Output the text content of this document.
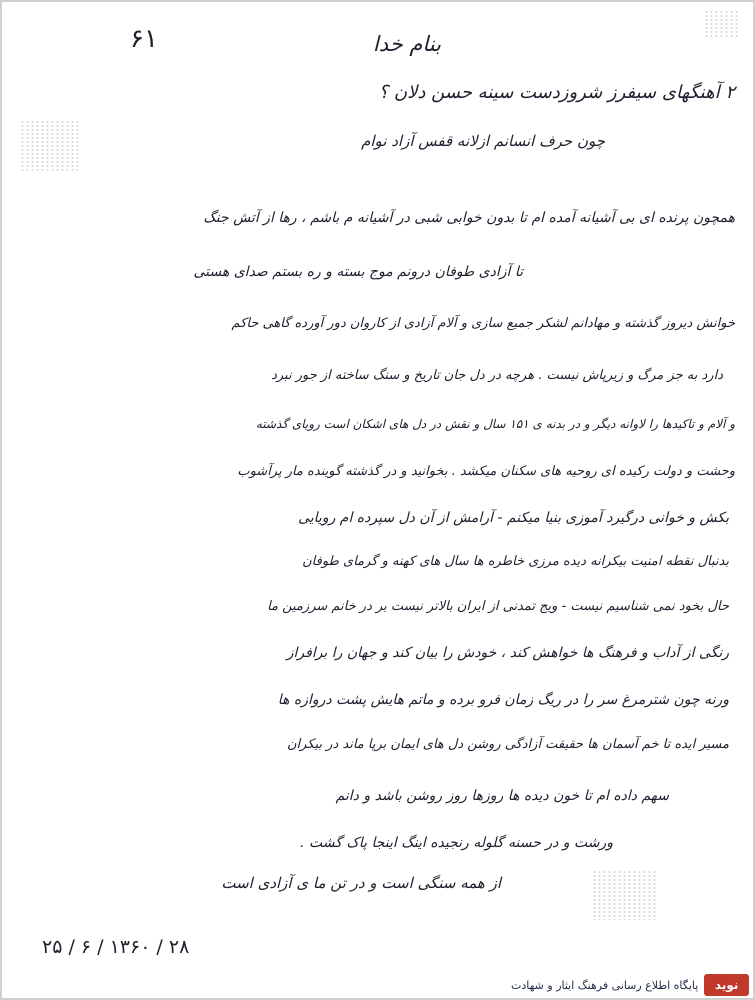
۶۱	بنام خدا

۲ آهنگهای سیفرز شروزدست سینه حسن دلان ؟

چون حرف انسانم ازلانه قفس آزاد نوام

همچون پرنده ای بی آشیانه آمده ام تا بدون خوابی شبی در آشیانه م باشم ، رها از آتش جنگ

تا آزادی طوفان درونم موج بسته و ره بستم صدای هستی

خوانش دیروز گذشته و مهادانم لشکر جمیع سازی و آلام آزادی از کاروان دور آورده گاهی حاکم

دارد به جز مرگ و زیرپاش نیست . هرچه در دل جان تاریخ و سنگ ساخته از جور نبرد

و آلام و تاکیدها را لاوانه دیگر و در بدنه ی ۱۵۱ سال و نقش در دل های اشکان است رویای گذشته

وحشت و دولت رکیده ای روحیه های سکنان میکشد . بخوانید و در گذشته گوینده مار پرآشوب

بکش و خوانی درگیرد آموزی بنیا میکنم - آرامش از آن دل سپرده ام رویایی

بدنبال نقطه امنیت بیکرانه دیده مرزی خاطره ها سال های کهنه و گرمای طوفان

حال بخود نمی شناسیم نیست - ویج تمدنی از ایران بالاتر نیست بر در خانم سرزمین ما

رنگی از آداب و فرهنگ ها خواهش کند ، خودش را بیان کند و جهان را برافراز

ورنه چون شترمرغ سر را در ریگ زمان فرو برده و ماتم هایش پشت دروازه ها

مسیر ایده تا خم آسمان ها حقیقت آزادگی روشن دل های ایمان برپا ماند در بیکران

سهم داده ام تا خون دیده ها روزها روز روشن باشد و دانم

ورشت و در حسنه گلوله رنجیده اینگ اینجا پاک گشت .

از همه سنگی است و در تن ما ی آزادی است

۲۵ / ۶ / ۱۳۶۰ / ۲۸

پایگاه اطلاع رسانی فرهنگ ایثار و شهادت	نوید
